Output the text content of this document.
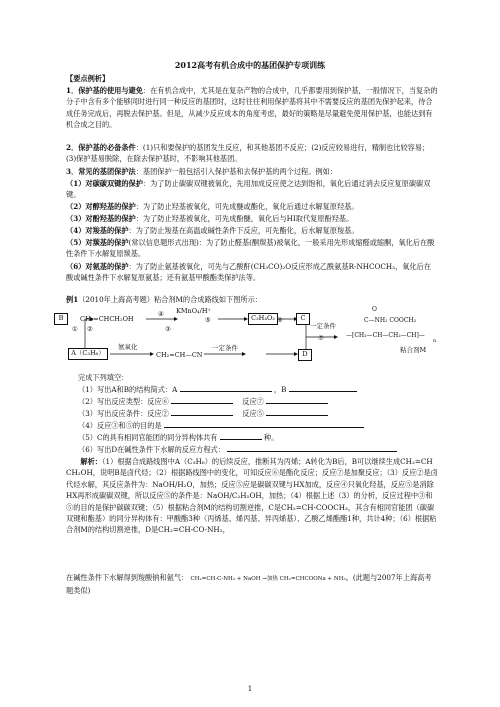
2012高考有机合成中的基团保护专项训练
【要点例析】
1．保护基的使用与避免：在有机合成中，尤其是在复杂产物的合成中，几乎都要用到保护基，一般情况下，当复杂的分子中含有多个能够同时进行同一种反应的基团时，这时往往利用保护基将其中不需要反应的基团先保护起来，待合成任务完成后，再脱去保护基。但是，从减少反应成本的角度考虑，最好的策略是尽量避免使用保护基，也能达到有机合成之目的。
2．保护基的必备条件：(1)只和要保护的基团发生反应，和其他基团不反应；(2)反应较易进行，精制也比较容易；(3)保护基易脱除，在除去保护基时，不影响其他基团。
3．常见的基团保护法：基团保护一般包括引入保护基和去保护基的两个过程。例如：
（1）对碳碳双键的保护：为了防止碳碳双键被氧化，先用加成反应使之达到饱和，氧化后通过消去反应复原碳碳双键。
（2）对醇羟基的保护：为了防止羟基被氧化，可先成醚或酯化，氧化后通过水解复原羟基。
（3）对酚羟基的保护：为了防止羟基被氧化，可先成酚醚，氧化后与HI取代复原酚羟基。
（4）对羧基的保护：为了防止羧基在高温或碱性条件下反应，可先酯化，后水解复原羧基。
（5）对羰基的保护(常以信息题形式出现)：为了防止醛基(酮羰基)被氧化，一般采用先形成缩醛或缩酮，氧化后在酸性条件下水解复原羰基。
（6）对氨基的保护：为了防止氨基被氧化，可先与乙酸酐(CH₃CO)₂O反应形成乙酰氨基R-NHCOCH₃，氧化后在酸或碱性条件下水解复原氨基；还有氨基甲酸酯类保护法等。
例1（2010年上海高考题）粘合剂M的合成路线如下图所示：
B	CH₂=CHCH₂OH
④ KMnO₄/H⁺
⑤	C₃H₄O₂ ⑥	C
②
①	③
A（C₃H₆）
氨氧化
CH₂=CH—CN
一定条件
D
一定条件
⑦
O
C—NH₂ COOCH₃
—[CH₂—CH—CH₂—CH]—
n
粘合剂M
完成下列填空：
（1）写出A和B的结构简式：A	，B
（2）写出反应类型：反应⑥	反应⑦
（3）写出反应条件：反应②	反应⑤
（4）反应③和⑤的目的是
（5）C的具有相同官能团的同分异构体共有	种。
（6）写出D在碱性条件下水解的反应方程式：
解析：（1）根据合成路线图中A（C₃H₆）的后续反应，推断其为丙烯；A转化为B后，B可以继续生成CH₂=CHCH₂OH，说明B是卤代烃；（2）根据路线图中的变化，可知反应⑥是酯化反应；反应⑦是加聚反应；（3）反应②是卤代烃水解，其反应条件为：NaOH/H₂O，加热；反应⑤应是碳碳双键与HX加成，反应④只氧化羟基，反应⑤是消除HX再形成碳碳双键，所以反应⑤的条件是：NaOH/C₂H₅OH，加热；（4）根据上述（3）的分析，反应过程中③和⑤的目的是保护碳碳双键；（5）根据粘合剂M的结构切割逆推，C是CH₂=CH-COOCH₃，其含有相同官能团（碳碳双键和酯基）的同分异构体有：甲酸酯3种（丙烯基、烯丙基、异丙烯基）、乙酸乙烯酯酯1种，共计4种；（6）根据粘合剂M的结构切割逆推，D是CH₂=CH-CO-NH₂，
在碱性条件下水解得到羧酸钠和氨气： CH₂=CH-C-NH₂ + NaOH →加热 CH₂=CHCOONa + NH₃。(此题与2007年上海高考题类似)
1
